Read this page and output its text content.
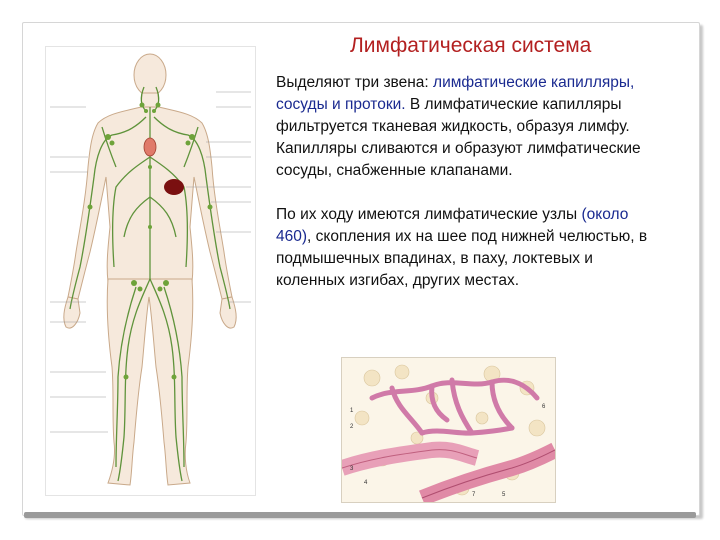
Лимфатическая система

Выделяют три звена: лимфатические капилляры, сосуды и протоки. В лимфатические капилляры фильтруется тканевая жидкость, образуя лимфу. Капилляры сливаются и образуют лимфатические сосуды, снабженные клапанами.

По их ходу имеются лимфатические узлы (около 460), скопления их на шее под нижней челюстью, в подмышечных впадинах, в паху, локтевых и коленных изгибах, других местах.

1
2
3
4
5
6
7
